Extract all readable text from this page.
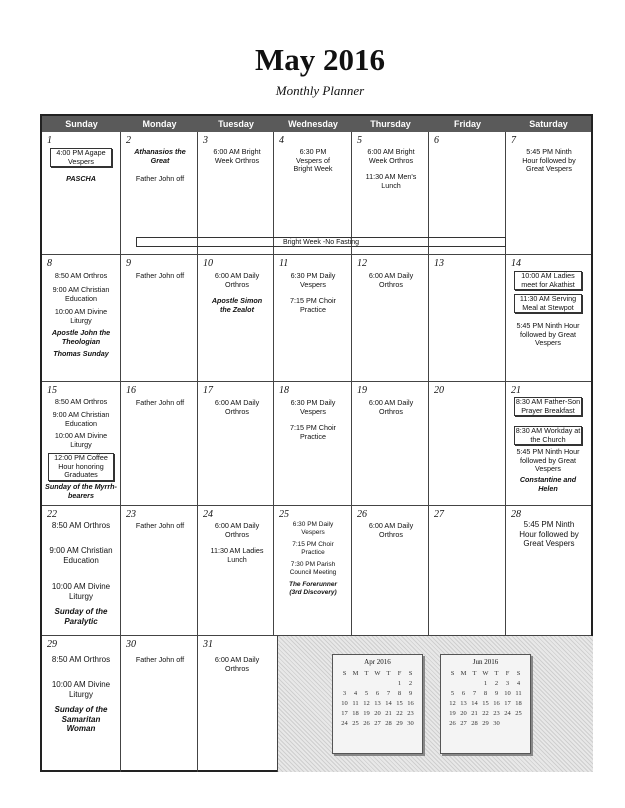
May 2016
Monthly Planner
Sunday	Monday	Tuesday	Wednesday	Thursday	Friday	Saturday
1
4:00 PM Agape Vespers
PASCHA
2
Athanasios the Great
Father John off
3
6:00 AM Bright Week Orthros
4
6:30 PM Vespers of Bright Week
5
6:00 AM Bright Week Orthros
11:30 AM Men's Lunch
6	7
5:45 PM Ninth Hour followed by Great Vespers
Bright Week -No Fasting
8
8:50 AM Orthros
9:00 AM Christian Education
10:00 AM Divine Liturgy
Apostle John the Theologian
Thomas Sunday
9
Father John off
10
6:00 AM Daily Orthros
Apostle Simon the Zealot
11
6:30 PM Daily Vespers
7:15 PM Choir Practice
12
6:00 AM Daily Orthros
13	14
10:00 AM Ladies meet for Akathist
11:30 AM Serving Meal at Stewpot
5:45 PM Ninth Hour followed by Great Vespers
15
8:50 AM Orthros
9:00 AM Christian Education
10:00 AM Divine Liturgy
12:00 PM Coffee Hour honoring Graduates
Sunday of the Myrrh-bearers
16
Father John off
17
6:00 AM Daily Orthros
18
6:30 PM Daily Vespers
7:15 PM Choir Practice
19
6:00 AM Daily Orthros
20	21
8:30 AM Father-Son Prayer Breakfast
8:30 AM Workday at the Church
5:45 PM Ninth Hour followed by Great Vespers
Constantine and Helen
22
8:50 AM Orthros
9:00 AM Christian Education
10:00 AM Divine Liturgy
Sunday of the Paralytic
23
Father John off
24
6:00 AM Daily Orthros
11:30 AM Ladies Lunch
25
6:30 PM Daily Vespers
7:15 PM Choir Practice
7:30 PM Parish Council Meeting
The Forerunner (3rd Discovery)
26
6:00 AM Daily Orthros
27	28
5:45 PM Ninth Hour followed by Great Vespers
29
8:50 AM Orthros
10:00 AM Divine Liturgy
Sunday of the Samaritan Woman
30
Father John off
31
6:00 AM Daily Orthros
Apr 2016
S	M	T	W	T	F	S
					1	2
3	4	5	6	7	8	9
10	11	12	13	14	15	16
17	18	19	20	21	22	23
24	25	26	27	28	29	30
Jun 2016
S	M	T	W	T	F	S
			1	2	3	4
5	6	7	8	9	10	11
12	13	14	15	16	17	18
19	20	21	22	23	24	25
26	27	28	29	30		
